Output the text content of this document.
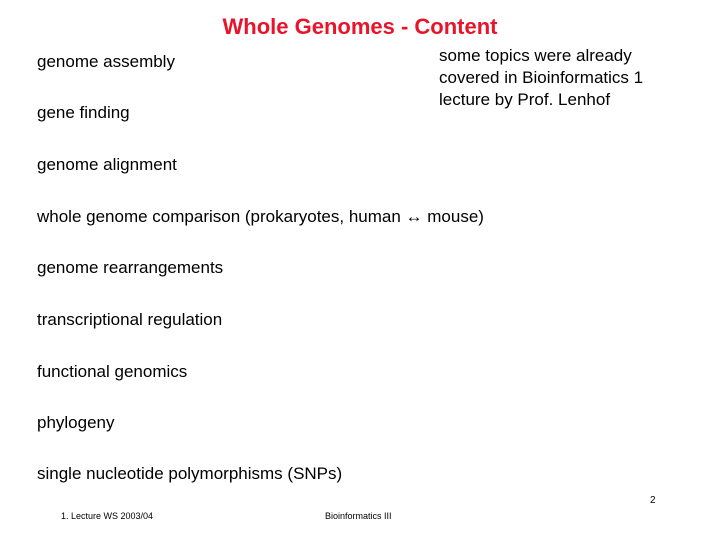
Whole Genomes - Content
genome assembly
gene finding
genome alignment
whole genome comparison (prokaryotes, human ↔ mouse)
genome rearrangements
transcriptional regulation
functional genomics
phylogeny
single nucleotide polymorphisms (SNPs)
some topics were already
covered in Bioinformatics 1
lecture by Prof. Lenhof
2
1. Lecture WS 2003/04	Bioinformatics III
